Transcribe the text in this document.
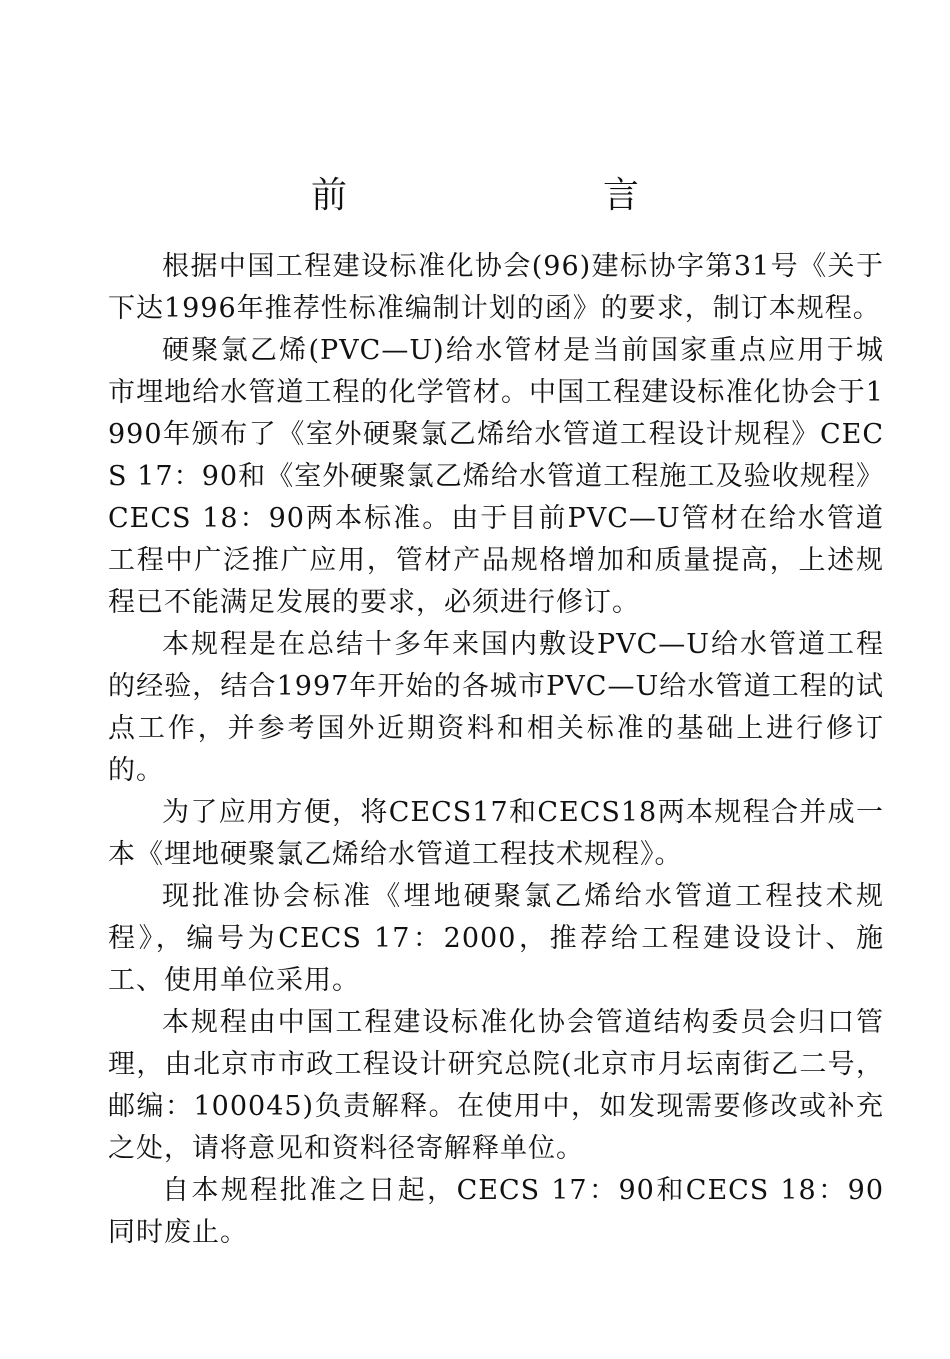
前　言

根据中国工程建设标准化协会(96)建标协字第31号《关于下达1996年推荐性标准编制计划的函》的要求，制订本规程。

硬聚氯乙烯(PVC—U)给水管材是当前国家重点应用于城市埋地给水管道工程的化学管材。中国工程建设标准化协会于1990年颁布了《室外硬聚氯乙烯给水管道工程设计规程》CECS 17：90和《室外硬聚氯乙烯给水管道工程施工及验收规程》CECS 18：90两本标准。由于目前PVC—U管材在给水管道工程中广泛推广应用，管材产品规格增加和质量提高，上述规程已不能满足发展的要求，必须进行修订。

本规程是在总结十多年来国内敷设PVC—U给水管道工程的经验，结合1997年开始的各城市PVC—U给水管道工程的试点工作，并参考国外近期资料和相关标准的基础上进行修订的。

为了应用方便，将CECS17和CECS18两本规程合并成一本《埋地硬聚氯乙烯给水管道工程技术规程》。

现批准协会标准《埋地硬聚氯乙烯给水管道工程技术规程》，编号为CECS 17：2000，推荐给工程建设设计、施工、使用单位采用。

本规程由中国工程建设标准化协会管道结构委员会归口管理，由北京市市政工程设计研究总院(北京市月坛南街乙二号，邮编：100045)负责解释。在使用中，如发现需要修改或补充之处，请将意见和资料径寄解释单位。

自本规程批准之日起，CECS 17：90和CECS 18：90同时废止。
